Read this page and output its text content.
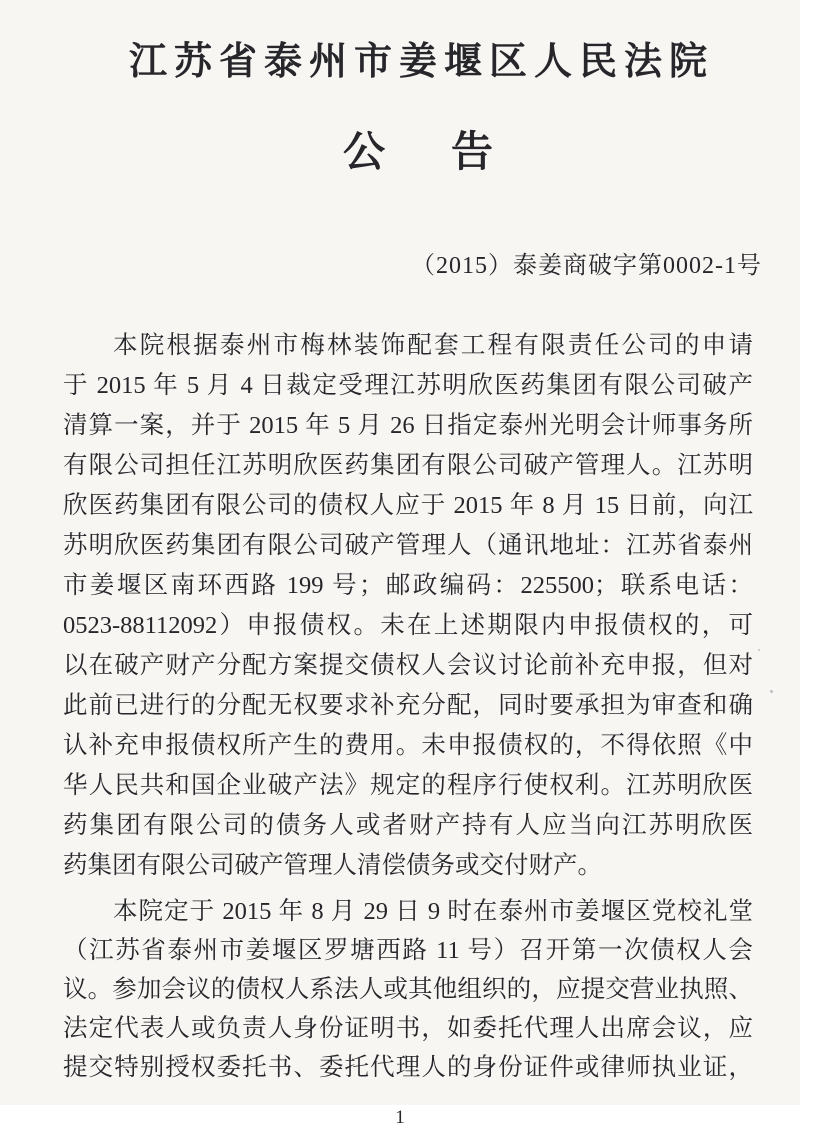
江苏省泰州市姜堰区人民法院
公　告
（2015）泰姜商破字第0002-1号
本院根据泰州市梅林装饰配套工程有限责任公司的申请
于 2015 年 5 月 4 日裁定受理江苏明欣医药集团有限公司破产
清算一案，并于 2015 年 5 月 26 日指定泰州光明会计师事务所
有限公司担任江苏明欣医药集团有限公司破产管理人。江苏明
欣医药集团有限公司的债权人应于 2015 年 8 月 15 日前，向江
苏明欣医药集团有限公司破产管理人（通讯地址：江苏省泰州
市姜堰区南环西路 199 号；邮政编码：225500；联系电话：
0523-88112092）申报债权。未在上述期限内申报债权的，可
以在破产财产分配方案提交债权人会议讨论前补充申报，但对
此前已进行的分配无权要求补充分配，同时要承担为审查和确
认补充申报债权所产生的费用。未申报债权的，不得依照《中
华人民共和国企业破产法》规定的程序行使权利。江苏明欣医
药集团有限公司的债务人或者财产持有人应当向江苏明欣医
药集团有限公司破产管理人清偿债务或交付财产。
本院定于 2015 年 8 月 29 日 9 时在泰州市姜堰区党校礼堂
（江苏省泰州市姜堰区罗塘西路 11 号）召开第一次债权人会
议。参加会议的债权人系法人或其他组织的，应提交营业执照、
法定代表人或负责人身份证明书，如委托代理人出席会议，应
提交特别授权委托书、委托代理人的身份证件或律师执业证，
1
